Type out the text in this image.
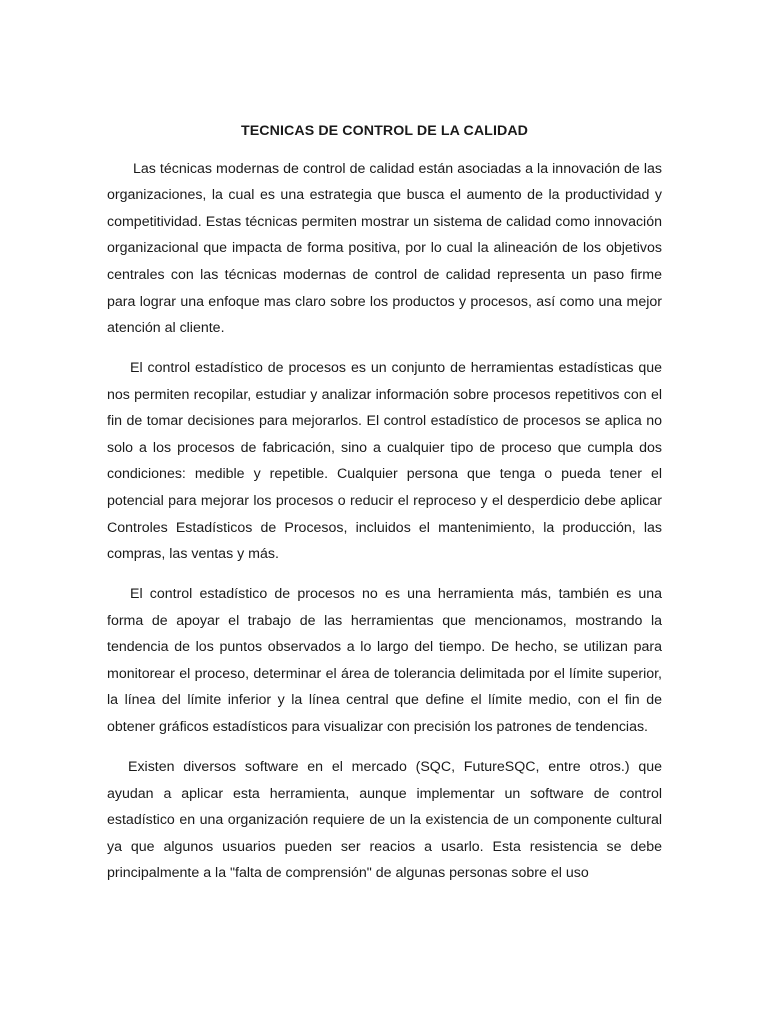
TECNICAS DE CONTROL DE LA CALIDAD

Las técnicas modernas de control de calidad están asociadas a la innovación de las organizaciones, la cual es una estrategia que busca el aumento de la productividad y competitividad. Estas técnicas permiten mostrar un sistema de calidad como innovación organizacional que impacta de forma positiva, por lo cual la alineación de los objetivos centrales con las técnicas modernas de control de calidad representa un paso firme para lograr una enfoque mas claro sobre los productos y procesos, así como una mejor atención al cliente.

El control estadístico de procesos es un conjunto de herramientas estadísticas que nos permiten recopilar, estudiar y analizar información sobre procesos repetitivos con el fin de tomar decisiones para mejorarlos. El control estadístico de procesos se aplica no solo a los procesos de fabricación, sino a cualquier tipo de proceso que cumpla dos condiciones: medible y repetible. Cualquier persona que tenga o pueda tener el potencial para mejorar los procesos o reducir el reproceso y el desperdicio debe aplicar Controles Estadísticos de Procesos, incluidos el mantenimiento, la producción, las compras, las ventas y más.

El control estadístico de procesos no es una herramienta más, también es una forma de apoyar el trabajo de las herramientas que mencionamos, mostrando la tendencia de los puntos observados a lo largo del tiempo. De hecho, se utilizan para monitorear el proceso, determinar el área de tolerancia delimitada por el límite superior, la línea del límite inferior y la línea central que define el límite medio, con el fin de obtener gráficos estadísticos para visualizar con precisión los patrones de tendencias.

Existen diversos software en el mercado (SQC, FutureSQC, entre otros.) que ayudan a aplicar esta herramienta, aunque implementar un software de control estadístico en una organización requiere de un la existencia de un componente cultural ya que algunos usuarios pueden ser reacios a usarlo. Esta resistencia se debe principalmente a la "falta de comprensión" de algunas personas sobre el uso
